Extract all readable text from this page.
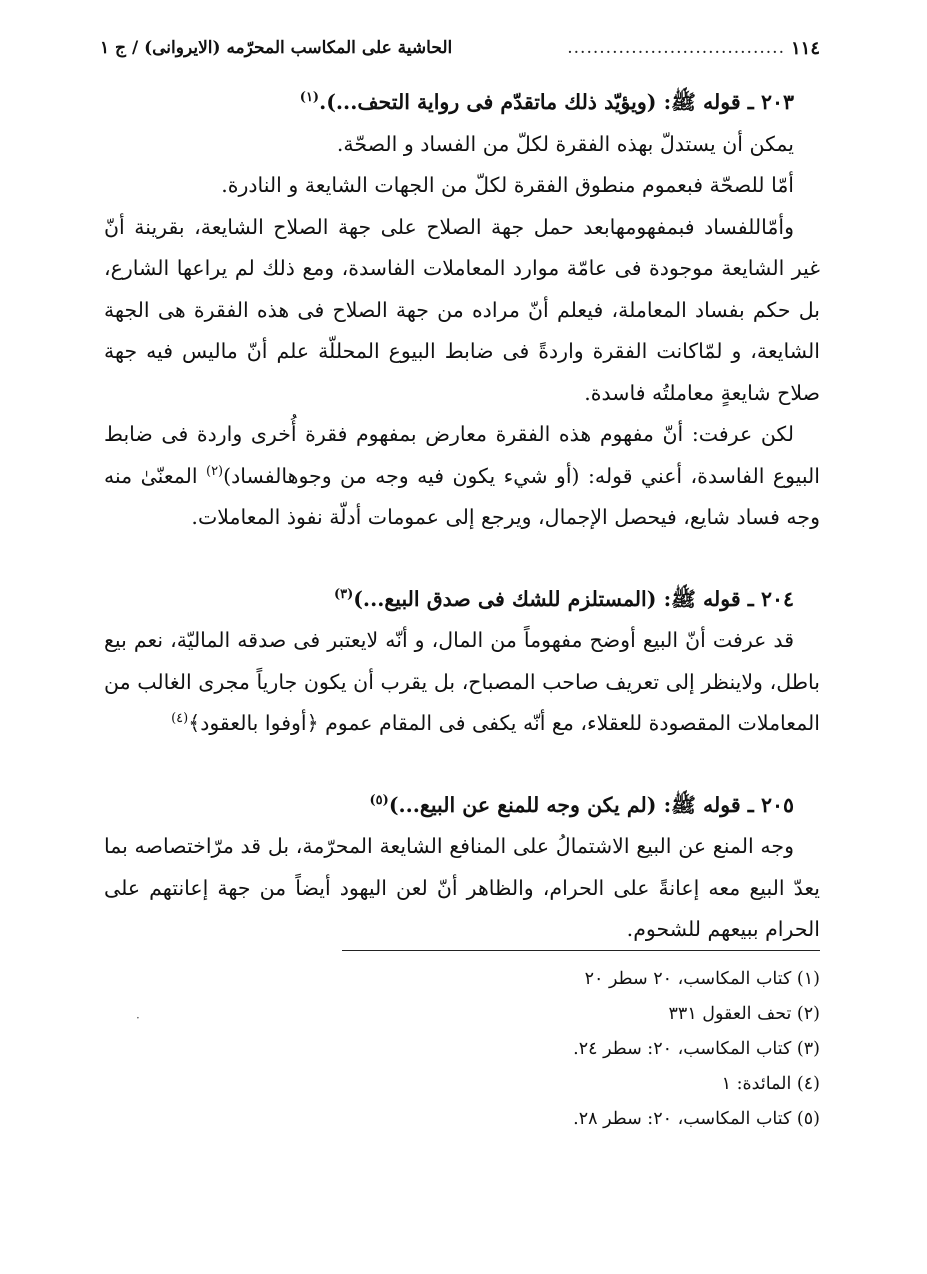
١١٤
..................................
الحاشية على المكاسب المحرّمه (الايروانى) / ج ١

٢٠٣ ـ قوله ﷺ: (ويؤيّد ذلك ماتقدّم فى رواية التحف...).$^{(١)}$

يمكن أن يستدلّ بهذه الفقرة لكلّ من الفساد و الصحّة.

أمّا للصحّة فبعموم منطوق الفقرة لكلّ من الجهات الشايعة و النادرة.

وأمّاللفساد فبمفهومهابعد حمل جهة الصلاح على جهة الصلاح الشايعة، بقرينة أنّ غير الشايعة موجودة فى عامّة موارد المعاملات الفاسدة، ومع ذلك لم يراعها الشارع، بل حكم بفساد المعاملة، فيعلم أنّ مراده من جهة الصلاح فى هذه الفقرة هى الجهة الشايعة، و لمّاكانت الفقرة واردةً فى ضابط البيوع المحللّة علم أنّ ماليس فيه جهة صلاح شايعةٍ معاملتُه فاسدة.

لكن عرفت: أنّ مفهوم هذه الفقرة معارض بمفهوم فقرة أُخرى واردة فى ضابط البيوع الفاسدة، أعني قوله: (أو شيء يكون فيه وجه من وجوهالفساد)$^{(٢)}$ المعنّىٰ منه وجه فساد شايع، فيحصل الإجمال، ويرجع إلى عمومات أدلّة نفوذ المعاملات.

٢٠٤ ـ قوله ﷺ: (المستلزم للشك فى صدق البيع...)$^{(٣)}$

قد عرفت أنّ البيع أوضح مفهوماً من المال، و أنّه لايعتبر فى صدقه الماليّة، نعم بيع باطل، ولاينظر إلى تعريف صاحب المصباح، بل يقرب أن يكون جارياً مجرى الغالب من المعاملات المقصودة للعقلاء، مع أنّه يكفى فى المقام عموم ﴿أوفوا بالعقود﴾$^{(٤)}$

٢٠٥ ـ قوله ﷺ: (لم يكن وجه للمنع عن البيع...)$^{(٥)}$

وجه المنع عن البيع الاشتمالُ على المنافع الشايعة المحرّمة، بل قد مرّاختصاصه بما يعدّ البيع معه إعانةً على الحرام، والظاهر أنّ لعن اليهود أيضاً من جهة إعانتهم على الحرام ببيعهم للشحوم.

(١) كتاب المكاسب، ٢٠ سطر ٢٠
(٢) تحف العقول ٣٣١
(٣) كتاب المكاسب، ٢٠: سطر ٢٤.
(٤) المائدة: ١
(٥) كتاب المكاسب، ٢٠: سطر ٢٨.
·
